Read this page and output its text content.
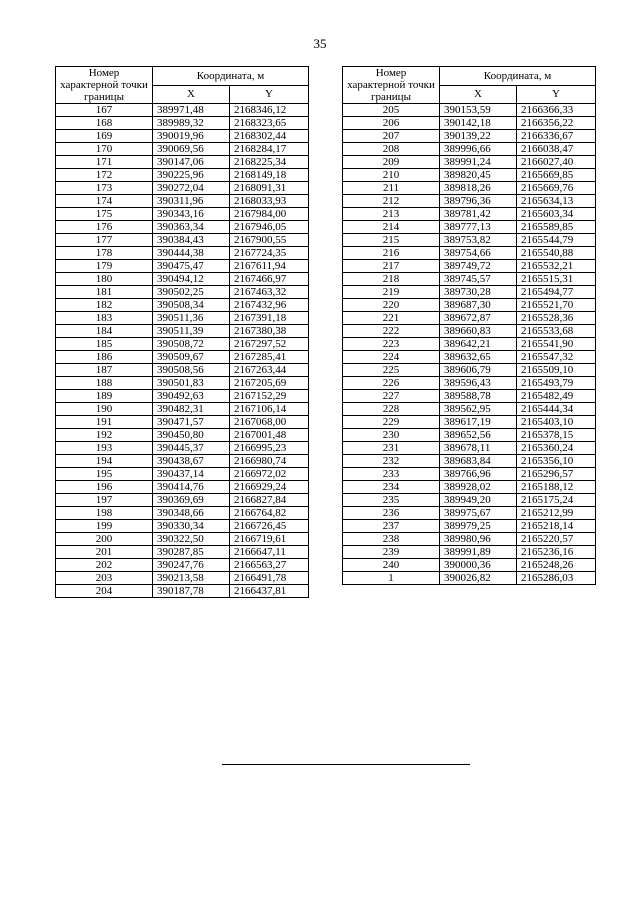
35
Номер характерной точки границы	Координата, м	
	X	Y
167	389971,48	2168346,12
168	389989,32	2168323,65
169	390019,96	2168302,44
170	390069,56	2168284,17
171	390147,06	2168225,34
172	390225,96	2168149,18
173	390272,04	2168091,31
174	390311,96	2168033,93
175	390343,16	2167984,00
176	390363,34	2167946,05
177	390384,43	2167900,55
178	390444,38	2167724,35
179	390475,47	2167611,94
180	390494,12	2167466,97
181	390502,25	2167463,32
182	390508,34	2167432,96
183	390511,36	2167391,18
184	390511,39	2167380,38
185	390508,72	2167297,52
186	390509,67	2167285,41
187	390508,56	2167263,44
188	390501,83	2167205,69
189	390492,63	2167152,29
190	390482,31	2167106,14
191	390471,57	2167068,00
192	390450,80	2167001,48
193	390445,37	2166995,23
194	390438,67	2166980,74
195	390437,14	2166972,02
196	390414,76	2166929,24
197	390369,69	2166827,84
198	390348,66	2166764,82
199	390330,34	2166726,45
200	390322,50	2166719,61
201	390287,85	2166647,11
202	390247,76	2166563,27
203	390213,58	2166491,78
204	390187,78	2166437,81
Номер характерной точки границы	Координата, м	
	X	Y
205	390153,59	2166366,33
206	390142,18	2166356,22
207	390139,22	2166336,67
208	389996,66	2166038,47
209	389991,24	2166027,40
210	389820,45	2165669,85
211	389818,26	2165669,76
212	389796,36	2165634,13
213	389781,42	2165603,34
214	389777,13	2165589,85
215	389753,82	2165544,79
216	389754,66	2165540,88
217	389749,72	2165532,21
218	389745,57	2165515,31
219	389730,28	2165494,77
220	389687,30	2165521,70
221	389672,87	2165528,36
222	389660,83	2165533,68
223	389642,21	2165541,90
224	389632,65	2165547,32
225	389606,79	2165509,10
226	389596,43	2165493,79
227	389588,78	2165482,49
228	389562,95	2165444,34
229	389617,19	2165403,10
230	389652,56	2165378,15
231	389678,11	2165360,24
232	389683,84	2165356,10
233	389766,96	2165296,57
234	389928,02	2165188,12
235	389949,20	2165175,24
236	389975,67	2165212,99
237	389979,25	2165218,14
238	389980,96	2165220,57
239	389991,89	2165236,16
240	390000,36	2165248,26
1	390026,82	2165286,03
